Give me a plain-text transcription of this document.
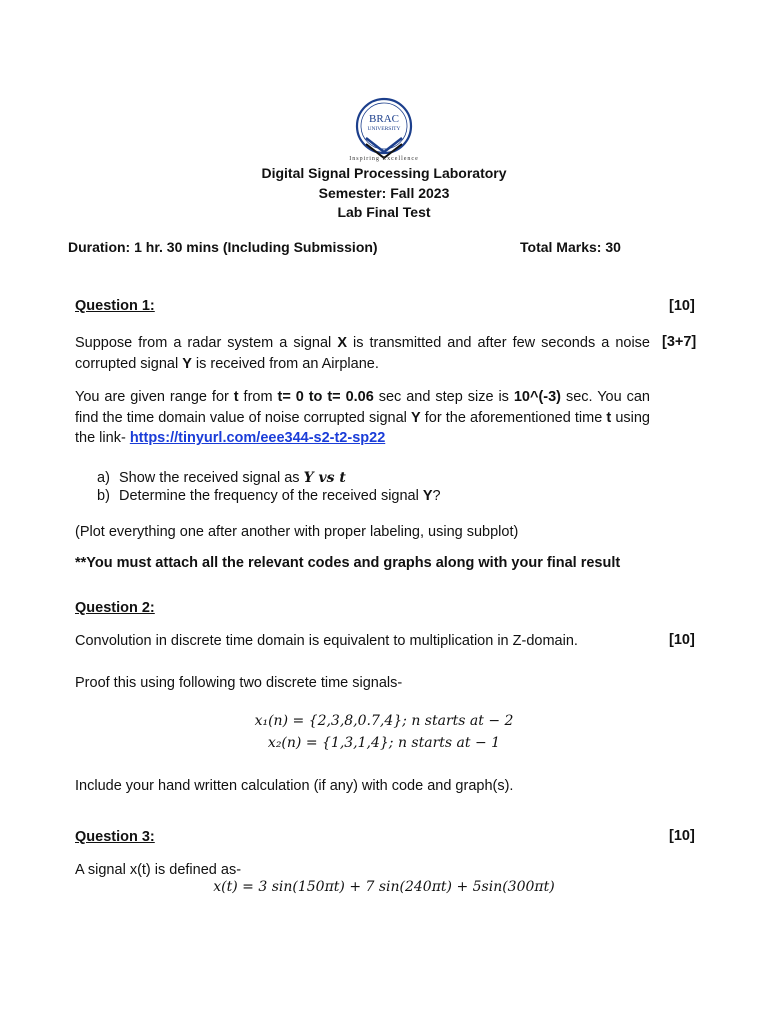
BRAC
UNIVERSITY
Inspiring Excellence
Digital Signal Processing Laboratory
Semester: Fall 2023
Lab Final Test
Duration: 1 hr. 30 mins (Including Submission)	Total Marks: 30
Question 1:	[10]
Suppose from a radar system a signal X is transmitted and after few seconds a noise corrupted signal Y is received from an Airplane.
[3+7]
You are given range for t from t= 0 to t= 0.06 sec and step size is 10^(-3) sec. You can find the time domain value of noise corrupted signal Y for the aforementioned time t using the link- https://tinyurl.com/eee344-s2-t2-sp22
a) Show the received signal as Y vs t
b) Determine the frequency of the received signal Y?
(Plot everything one after another with proper labeling, using subplot)
**You must attach all the relevant codes and graphs along with your final result
Question 2:
Convolution in discrete time domain is equivalent to multiplication in Z-domain.	[10]
Proof this using following two discrete time signals-
x₁(n) = {2,3,8,0.7,4}; n starts at − 2
x₂(n) = {1,3,1,4}; n starts at − 1
Include your hand written calculation (if any) with code and graph(s).
Question 3:	[10]
A signal x(t) is defined as-
x(t) = 3 sin(150πt) + 7 sin(240πt) + 5sin(300πt)
